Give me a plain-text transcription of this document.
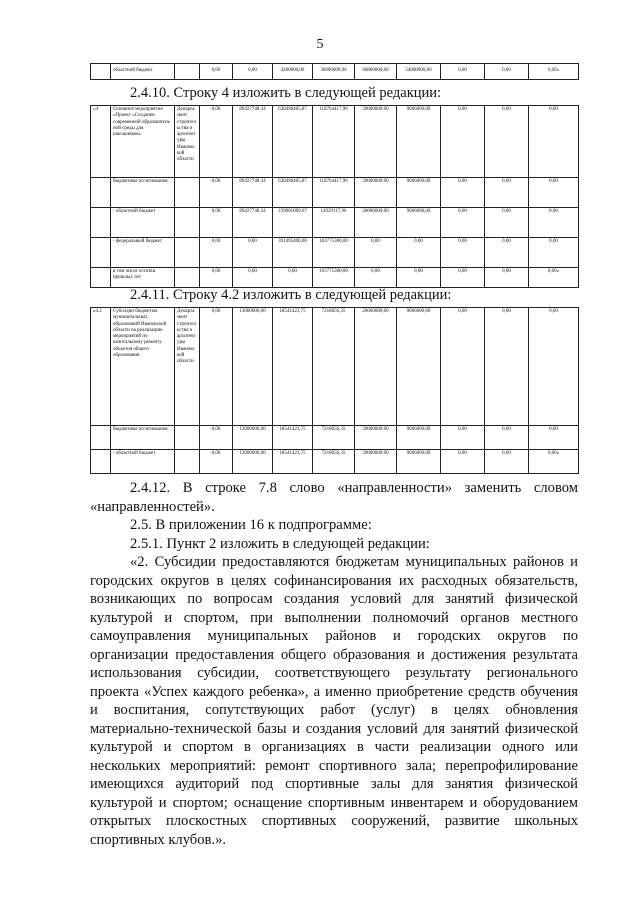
5
	областной бюджет		0,00	0,00	4200000,00	36000000,00	60800000,00	54000000,00	0,00	0,00	0,00»
2.4.10. Строку 4 изложить в следующей редакции:
«4	Основное мероприятие «Проект «Создание современной образователь ной среды для школьников»	Департамент строительства и архитектуры Ивановской области	0,00	89427748,34	630496465,87	118704417,96	20000000,00	9066000,00	0,00	0,00	0,00
	бюджетные ассигнования		0,00	89427748,34	630496465,87	118704417,96	20000000,00	9066000,00	0,00	0,00	0,00
	- областной бюджет		0,00	89427748,34	239001069,67	14929117,96	20000000,00	9066000,00	0,00	0,00	0,00
	- федеральный бюджет		0,00	0,00	391495400,00	103775300,00	0,00	0,00	0,00	0,00	0,00
	в том числе остатки прошлых лет		0,00	0,00	0,00	103775300,00	0,00	0,00	0,00	0,00	0,00»
2.4.11. Строку 4.2 изложить в следующей редакции:
«4.2	Субсидии бюджетам муниципальных образований Ивановской области на реализацию мероприятий по капитальному ремонту объектов общего образования	Департамент строительства и архитектуры Ивановской области	0,00	13000000,00	18541423,75	7218056,35	20000000,00	9066000,00	0,00	0,00	0,00
	бюджетные ассигнования		0,00	13000000,00	18541423,75	7218056,35	20000000,00	9066000,00	0,00	0,00	0,00
	- областной бюджет		0,00	13000000,00	18541423,75	7218056,35	20000000,00	9066000,00	0,00	0,00	0,00»

2.4.12. В строке 7.8 слово «направленности» заменить словом «направленностей».

2.5. В приложении 16 к подпрограмме:

2.5.1. Пункт 2 изложить в следующей редакции:

«2. Субсидии предоставляются бюджетам муниципальных районов и городских округов в целях софинансирования их расходных обязательств, возникающих по вопросам создания условий для занятий физической культурой и спортом, при выполнении полномочий органов местного самоуправления муниципальных районов и городских округов по организации предоставления общего образования и достижения результата использования субсидии, соответствующего результату регионального проекта «Успех каждого ребенка», а именно приобретение средств обучения и воспитания, сопутствующих работ (услуг) в целях обновления материально-технической базы и создания условий для занятий физической культурой и спортом в организациях в части реализации одного или нескольких мероприятий: ремонт спортивного зала; перепрофилирование имеющихся аудиторий под спортивные залы для занятия физической культурой и спортом; оснащение спортивным инвентарем и оборудованием открытых плоскостных спортивных сооружений, развитие школьных спортивных клубов.».
